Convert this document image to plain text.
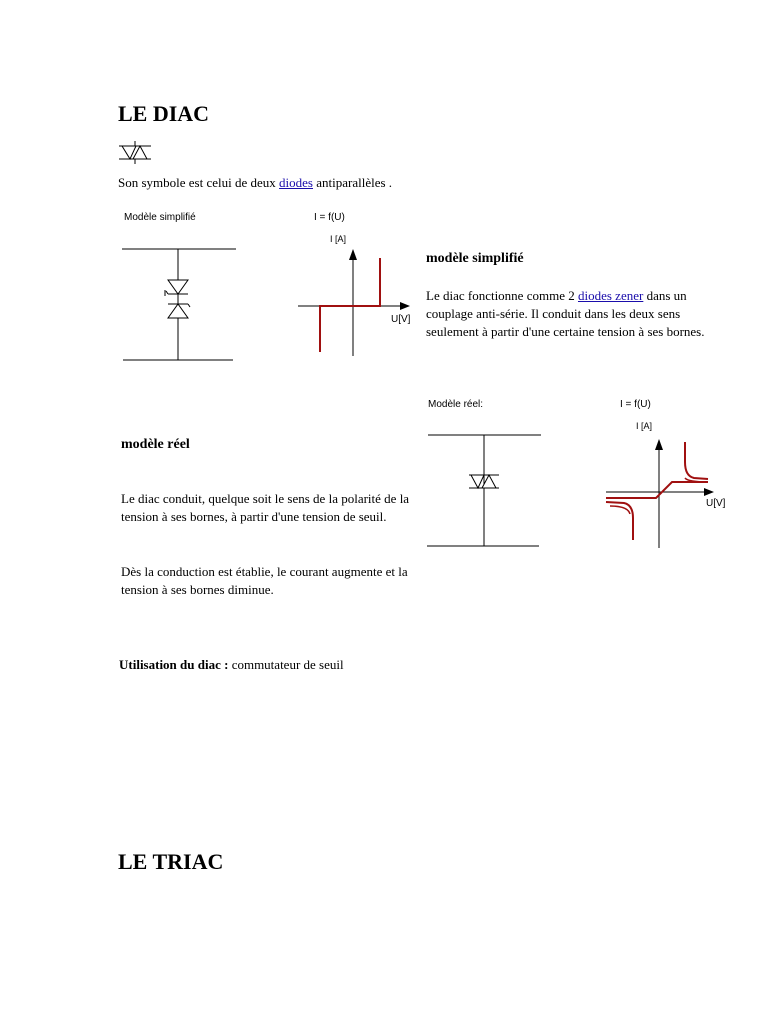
LE DIAC

Son symbole est celui de deux diodes antiparallèles .

Modèle simplifié	I = f(U)
I [A]
U[V]
modèle simplifié

Le diac fonctionne comme 2 diodes zener dans un couplage anti-série. Il conduit dans les deux sens seulement à partir d'une certaine tension à ses bornes.

Modèle réel:	I = f(U)
I [A]
U[V]
modèle réel

Le diac conduit, quelque soit le sens de la polarité de la tension à ses bornes, à partir d'une tension de seuil.

Dès la conduction est établie, le courant augmente et la tension à ses bornes diminue.

Utilisation du diac : commutateur de seuil

LE TRIAC
